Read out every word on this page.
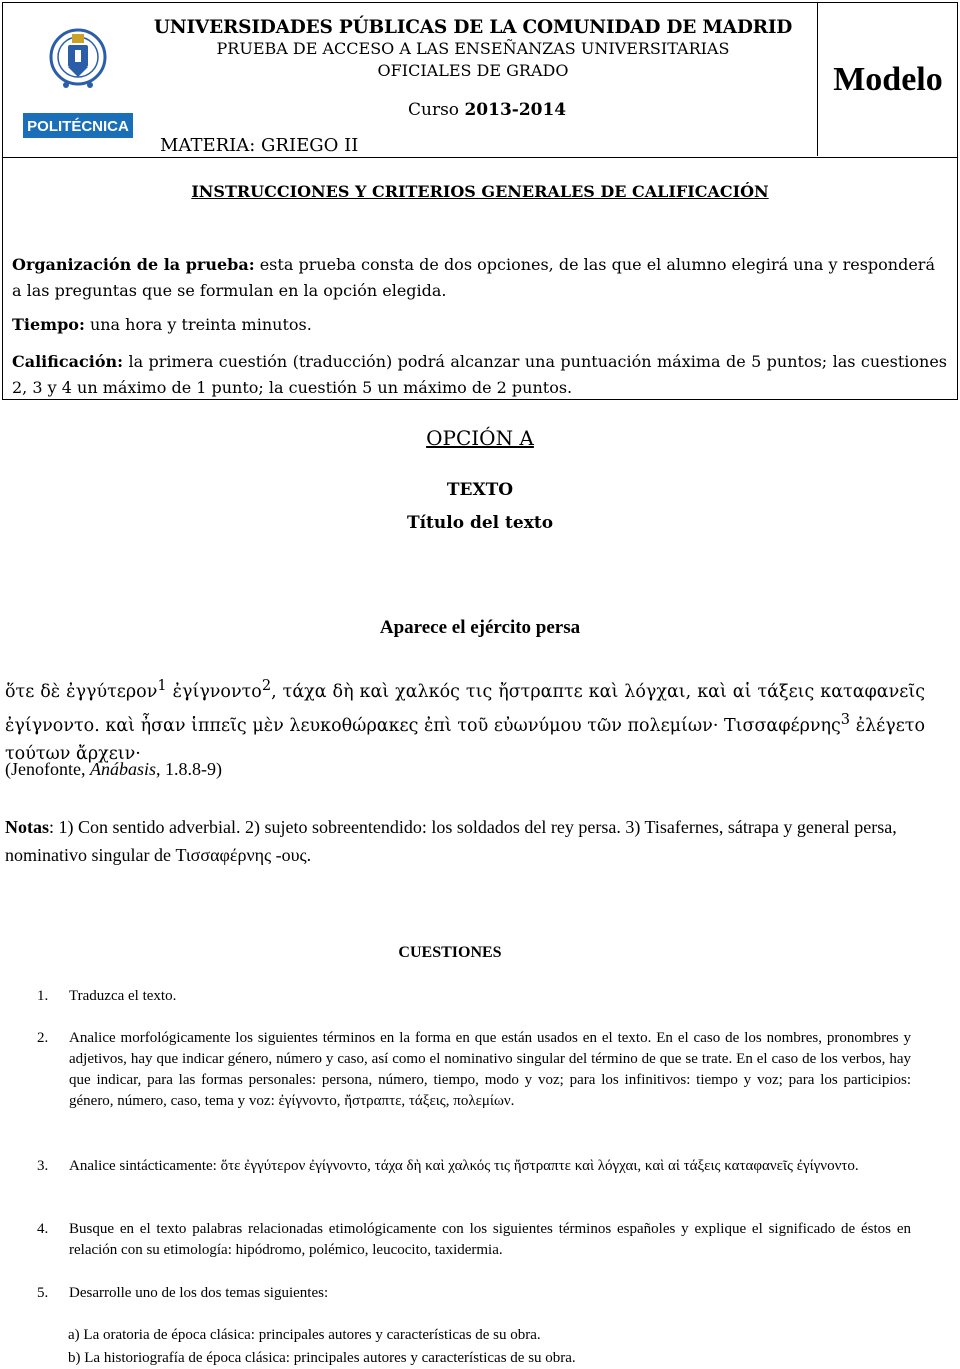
POLITÉCNICA
UNIVERSIDADES PÚBLICAS DE LA COMUNIDAD DE MADRID
PRUEBA DE ACCESO A LAS ENSEÑANZAS UNIVERSITARIAS
OFICIALES DE GRADO
Curso 2013-2014
MATERIA: GRIEGO II
Modelo
INSTRUCCIONES Y CRITERIOS GENERALES DE CALIFICACIÓN

Organización de la prueba: esta prueba consta de dos opciones, de las que el alumno elegirá una y responderá a las preguntas que se formulan en la opción elegida.

Tiempo: una hora y treinta minutos.

Calificación: la primera cuestión (traducción) podrá alcanzar una puntuación máxima de 5 puntos; las cuestiones 2, 3 y 4 un máximo de 1 punto; la cuestión 5 un máximo de 2 puntos.

OPCIÓN A
TEXTO
Título del texto
Aparece el ejército persa
ὅτε δὲ ἐγγύτερον$^1$ ἐγίγνοντο$^2$, τάχα δὴ καὶ χαλκός τις ἤστραπτε καὶ λόγχαι, καὶ αἱ τάξεις καταφανεῖς ἐγίγνοντο. καὶ ἦσαν ἱππεῖς μὲν λευκοθώρακες ἐπὶ τοῦ εὐωνύμου τῶν πολεμίων· Τισσαφέρνης$^3$ ἐλέγετο τούτων ἄρχειν·
(Jenofonte, Anábasis, 1.8.8-9)
Notas: 1) Con sentido adverbial. 2) sujeto sobreentendido: los soldados del rey persa. 3) Tisafernes, sátrapa y general persa, nominativo singular de Τισσαφέρνης -ους.
CUESTIONES
1. Traduzca el texto.
2. Analice morfológicamente los siguientes términos en la forma en que están usados en el texto. En el caso de los nombres, pronombres y adjetivos, hay que indicar género, número y caso, así como el nominativo singular del término de que se trate. En el caso de los verbos, hay que indicar, para las formas personales: persona, número, tiempo, modo y voz; para los infinitivos: tiempo y voz; para los participios: género, número, caso, tema y voz: ἐγίγνοντο, ἤστραπτε, τάξεις, πολεμίων.
3. Analice sintácticamente: ὅτε ἐγγύτερον ἐγίγνοντο, τάχα δὴ καὶ χαλκός τις ἤστραπτε καὶ λόγχαι, καὶ αἱ τάξεις καταφανεῖς ἐγίγνοντο.
4. Busque en el texto palabras relacionadas etimológicamente con los siguientes términos españoles y explique el significado de éstos en relación con su etimología: hipódromo, polémico, leucocito, taxidermia.
5. Desarrolle uno de los dos temas siguientes:
a) La oratoria de época clásica: principales autores y características de su obra.
b) La historiografía de época clásica: principales autores y características de su obra.
